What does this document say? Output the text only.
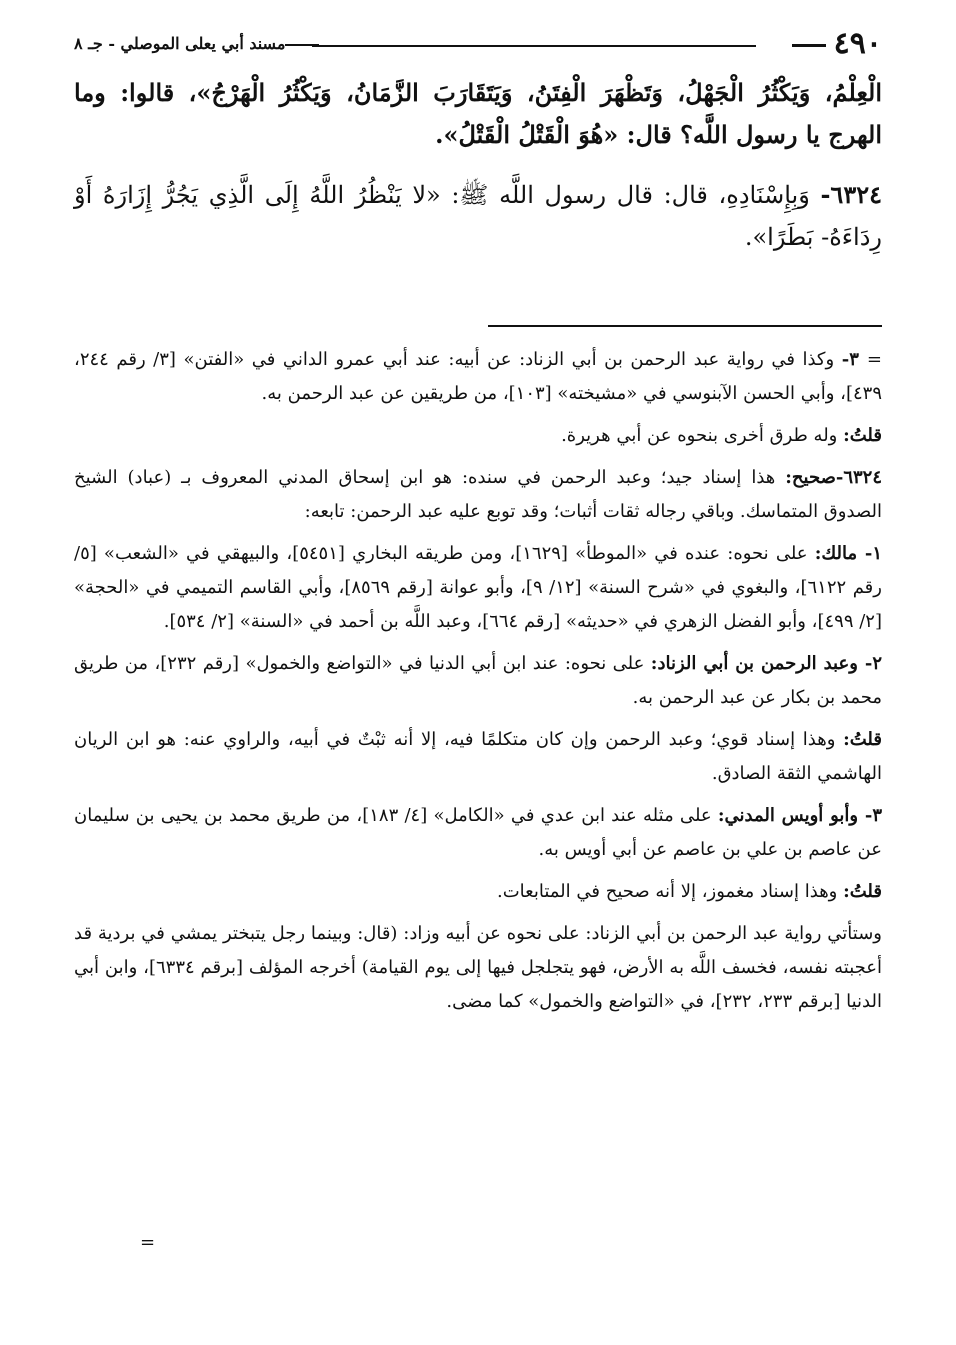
٤٩٠
مسند أبي يعلى الموصلي - جـ ٨

الْعِلْمُ، وَيَكْثُرُ الْجَهْلُ، وَتَظْهَرَ الْفِتَنُ، وَيَتَقَارَبَ الزَّمَانُ، وَيَكْثُرُ الْهَرْجُ»، قالوا: وما الهرج يا رسول اللَّه؟ قال: «هُوَ الْقَتْلُ الْقَتْلُ».

٦٣٢٤- وَبِإِسْنَادِهِ، قال: قال رسول اللَّه ﷺ: «لا يَنْظُرُ اللَّهُ إِلَى الَّذِي يَجُرُّ إِزَارَهُ أَوْ رِدَاءَهُ- بَطَرًا».

=٣- وكذا في رواية عبد الرحمن بن أبي الزناد: عن أبيه: عند أبي عمرو الداني في «الفتن» [٣/ رقم ٢٤٤، ٤٣٩]، وأبي الحسن الآبنوسي في «مشيخته» [١٠٣]، من طريقين عن عبد الرحمن به.

قلتُ: وله طرق أخرى بنحوه عن أبي هريرة.

٦٣٢٤-صحيح: هذا إسناد جيد؛ وعبد الرحمن في سنده: هو ابن إسحاق المدني المعروف بـ (عباد) الشيخ الصدوق المتماسك. وباقي رجاله ثقات أثبات؛ وقد توبع عليه عبد الرحمن: تابعه:

١- مالك: على نحوه: عنده في «الموطأ» [١٦٢٩]، ومن طريقه البخاري [٥٤٥١]، والبيهقي في «الشعب» [٥/ رقم ٦١٢٢]، والبغوي في «شرح السنة» [١٢/ ٩]، وأبو عوانة [رقم ٨٥٦٩]، وأبي القاسم التميمي في «الحجة» [٢/ ٤٩٩]، وأبو الفضل الزهري في «حديثه» [رقم ٦٦٤]، وعبد اللَّه بن أحمد في «السنة» [٢/ ٥٣٤].

٢- وعبد الرحمن بن أبي الزناد: على نحوه: عند ابن أبي الدنيا في «التواضع والخمول» [رقم ٢٣٢]، من طريق محمد بن بكار عن عبد الرحمن به.

قلتُ: وهذا إسناد قوي؛ وعبد الرحمن وإن كان متكلمًا فيه، إلا أنه ثبْتٌ في أبيه، والراوي عنه: هو ابن الريان الهاشمي الثقة الصادق.

٣- وأبو أويس المدني: على مثله عند ابن عدي في «الكامل» [٤/ ١٨٣]، من طريق محمد بن يحيى بن سليمان عن عاصم بن علي بن عاصم عن أبي أويس به.

قلتُ: وهذا إسناد مغموز، إلا أنه صحيح في المتابعات.

وستأتي رواية عبد الرحمن بن أبي الزناد: على نحوه عن أبيه وزاد: (قال: وبينما رجل يتبختر يمشي في بردية قد أعجبته نفسه، فخسف اللَّه به الأرض، فهو يتجلجل فيها إلى يوم القيامة) أخرجه المؤلف [برقم ٦٣٣٤]، وابن أبي الدنيا [برقم ٢٣٣، ٢٣٢]، في «التواضع والخمول» كما مضى.

=
